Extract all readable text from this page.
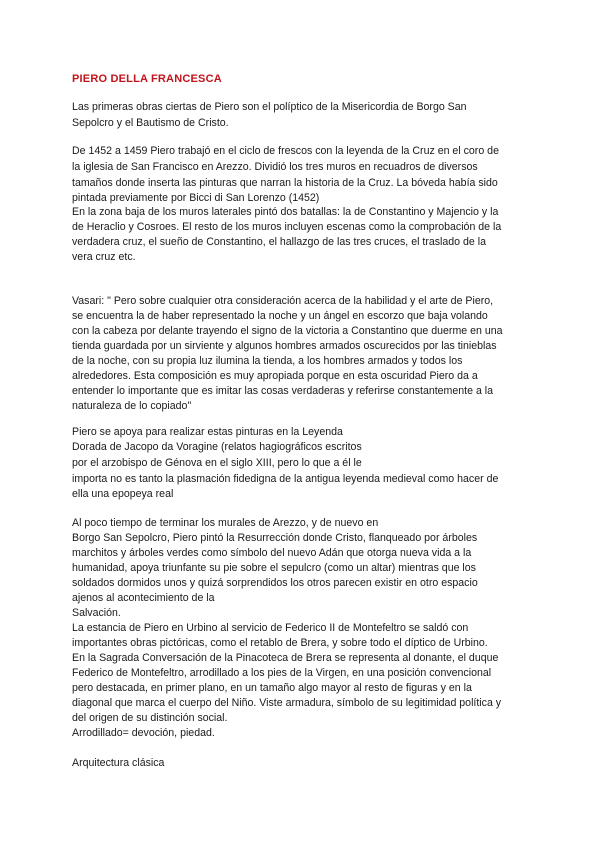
PIERO DELLA FRANCESCA
Las primeras obras ciertas de Piero son el políptico de la Misericordia de Borgo San
Sepolcro y el Bautismo de Cristo.
De 1452 a 1459 Piero trabajó en el ciclo de frescos con la leyenda de la Cruz en el coro de
la iglesia de San Francisco en Arezzo. Dividió los tres muros en recuadros de diversos
tamaños donde inserta las pinturas que narran la historia de la Cruz. La bóveda había sido
pintada previamente por Bicci di San Lorenzo (1452)
En la zona baja de los muros laterales pintó dos batallas: la de Constantino y Majencio y la
de Heraclio y Cosroes. El resto de los muros incluyen escenas como la comprobación de la
verdadera cruz, el sueño de Constantino, el hallazgo de las tres cruces, el traslado de la
vera cruz etc.
Vasari: " Pero sobre cualquier otra consideración acerca de la habilidad y el arte de Piero,
se encuentra la de haber representado la noche y un ángel en escorzo que baja volando
con la cabeza por delante trayendo el signo de la victoria a Constantino que duerme en una
tienda guardada por un sirviente y algunos hombres armados oscurecidos por las tinieblas
de la noche, con su propia luz ilumina la tienda, a los hombres armados y todos los
alrededores. Esta composición es muy apropiada porque en esta oscuridad Piero da a
entender lo importante que es imitar las cosas verdaderas y referirse constantemente a la
naturaleza de lo copiado"
Piero se apoya para realizar estas pinturas en la Leyenda
Dorada de Jacopo da Voragine (relatos hagiográficos escritos
por el arzobispo de Génova en el siglo XIII, pero lo que a él le
importa no es tanto la plasmación fidedigna de la antigua leyenda medieval como hacer de
ella una epopeya real
Al poco tiempo de terminar los murales de Arezzo, y de nuevo en
Borgo San Sepolcro, Piero pintó la Resurrección donde Cristo, flanqueado por árboles
marchitos y árboles verdes como símbolo del nuevo Adán que otorga nueva vida a la
humanidad, apoya triunfante su pie sobre el sepulcro (como un altar) mientras que los
soldados dormidos unos y quizá sorprendidos los otros parecen existir en otro espacio
ajenos al acontecimiento de la
Salvación.
La estancia de Piero en Urbino al servicio de Federico II de Montefeltro se saldó con
importantes obras pictóricas, como el retablo de Brera, y sobre todo el díptico de Urbino.
En la Sagrada Conversación de la Pinacoteca de Brera se representa al donante, el duque
Federico de Montefeltro, arrodillado a los pies de la Virgen, en una posición convencional
pero destacada, en primer plano, en un tamaño algo mayor al resto de figuras y en la
diagonal que marca el cuerpo del Niño. Viste armadura, símbolo de su legitimidad política y
del origen de su distinción social.
Arrodillado= devoción, piedad.
Arquitectura clásica
